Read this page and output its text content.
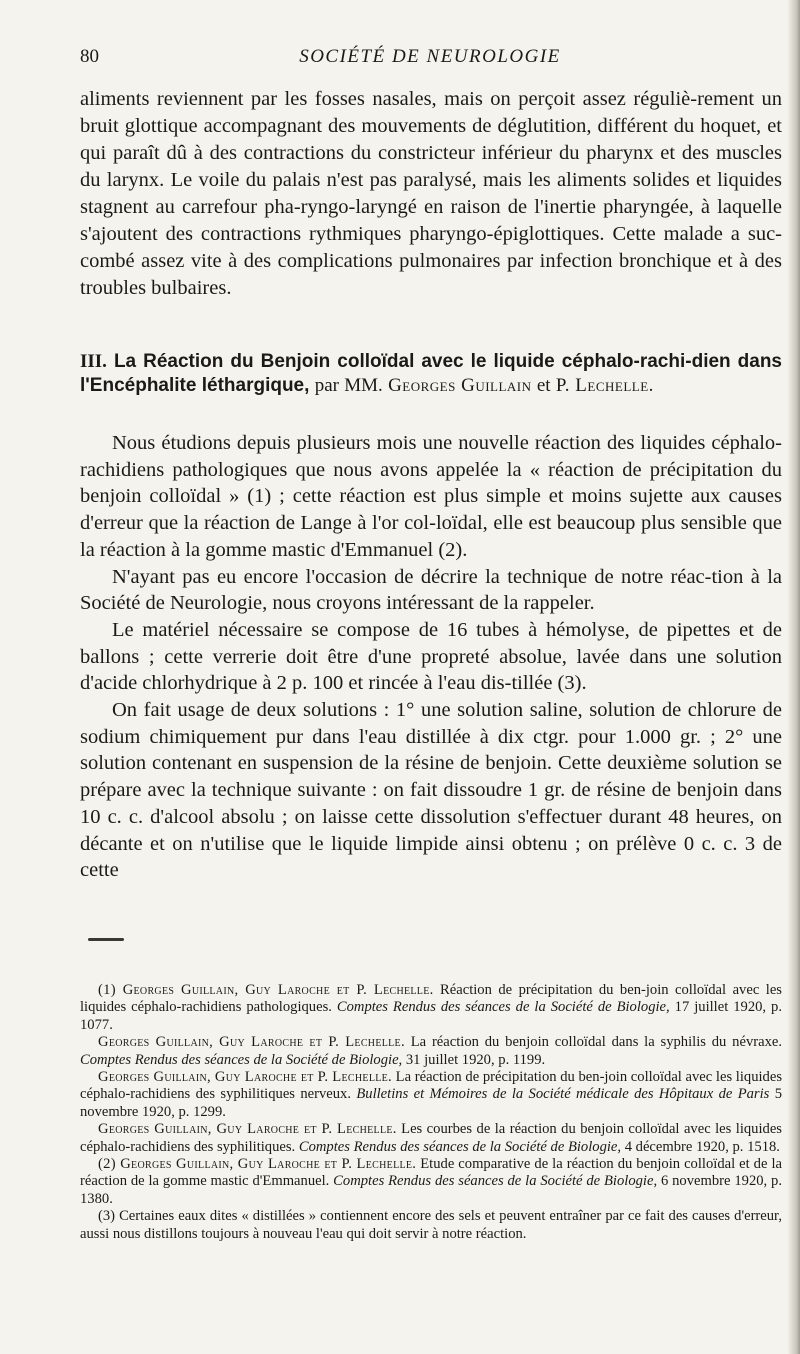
80	SOCIÉTÉ DE NEUROLOGIE

aliments reviennent par les fosses nasales, mais on perçoit assez réguliè-rement un bruit glottique accompagnant des mouvements de déglutition, différent du hoquet, et qui paraît dû à des contractions du constricteur inférieur du pharynx et des muscles du larynx. Le voile du palais n'est pas paralysé, mais les aliments solides et liquides stagnent au carrefour pha-ryngo-laryngé en raison de l'inertie pharyngée, à laquelle s'ajoutent des contractions rythmiques pharyngo-épiglottiques. Cette malade a suc-combé assez vite à des complications pulmonaires par infection bronchique et à des troubles bulbaires.

III. La Réaction du Benjoin colloïdal avec le liquide céphalo-rachi-dien dans l'Encéphalite léthargique, par MM. Georges Guillain et P. Lechelle.

Nous étudions depuis plusieurs mois une nouvelle réaction des liquides céphalo-rachidiens pathologiques que nous avons appelée la « réaction de précipitation du benjoin colloïdal » (1) ; cette réaction est plus simple et moins sujette aux causes d'erreur que la réaction de Lange à l'or col-loïdal, elle est beaucoup plus sensible que la réaction à la gomme mastic d'Emmanuel (2).

N'ayant pas eu encore l'occasion de décrire la technique de notre réac-tion à la Société de Neurologie, nous croyons intéressant de la rappeler.

Le matériel nécessaire se compose de 16 tubes à hémolyse, de pipettes et de ballons ; cette verrerie doit être d'une propreté absolue, lavée dans une solution d'acide chlorhydrique à 2 p. 100 et rincée à l'eau dis-tillée (3).

On fait usage de deux solutions : 1° une solution saline, solution de chlorure de sodium chimiquement pur dans l'eau distillée à dix ctgr. pour 1.000 gr. ; 2° une solution contenant en suspension de la résine de benjoin. Cette deuxième solution se prépare avec la technique suivante : on fait dissoudre 1 gr. de résine de benjoin dans 10 c. c. d'alcool absolu ; on laisse cette dissolution s'effectuer durant 48 heures, on décante et on n'utilise que le liquide limpide ainsi obtenu ; on prélève 0 c. c. 3 de cette

(1) Georges Guillain, Guy Laroche et P. Lechelle. Réaction de précipitation du ben-join colloïdal avec les liquides céphalo-rachidiens pathologiques. Comptes Rendus des séances de la Société de Biologie, 17 juillet 1920, p. 1077.

Georges Guillain, Guy Laroche et P. Lechelle. La réaction du benjoin colloïdal dans la syphilis du névraxe. Comptes Rendus des séances de la Société de Biologie, 31 juillet 1920, p. 1199.

Georges Guillain, Guy Laroche et P. Lechelle. La réaction de précipitation du ben-join colloïdal avec les liquides céphalo-rachidiens des syphilitiques nerveux. Bulletins et Mémoires de la Société médicale des Hôpitaux de Paris 5 novembre 1920, p. 1299.

Georges Guillain, Guy Laroche et P. Lechelle. Les courbes de la réaction du benjoin colloïdal avec les liquides céphalo-rachidiens des syphilitiques. Comptes Rendus des séances de la Société de Biologie, 4 décembre 1920, p. 1518.

(2) Georges Guillain, Guy Laroche et P. Lechelle. Etude comparative de la réaction du benjoin colloïdal et de la réaction de la gomme mastic d'Emmanuel. Comptes Rendus des séances de la Société de Biologie, 6 novembre 1920, p. 1380.

(3) Certaines eaux dites « distillées » contiennent encore des sels et peuvent entraîner par ce fait des causes d'erreur, aussi nous distillons toujours à nouveau l'eau qui doit servir à notre réaction.
